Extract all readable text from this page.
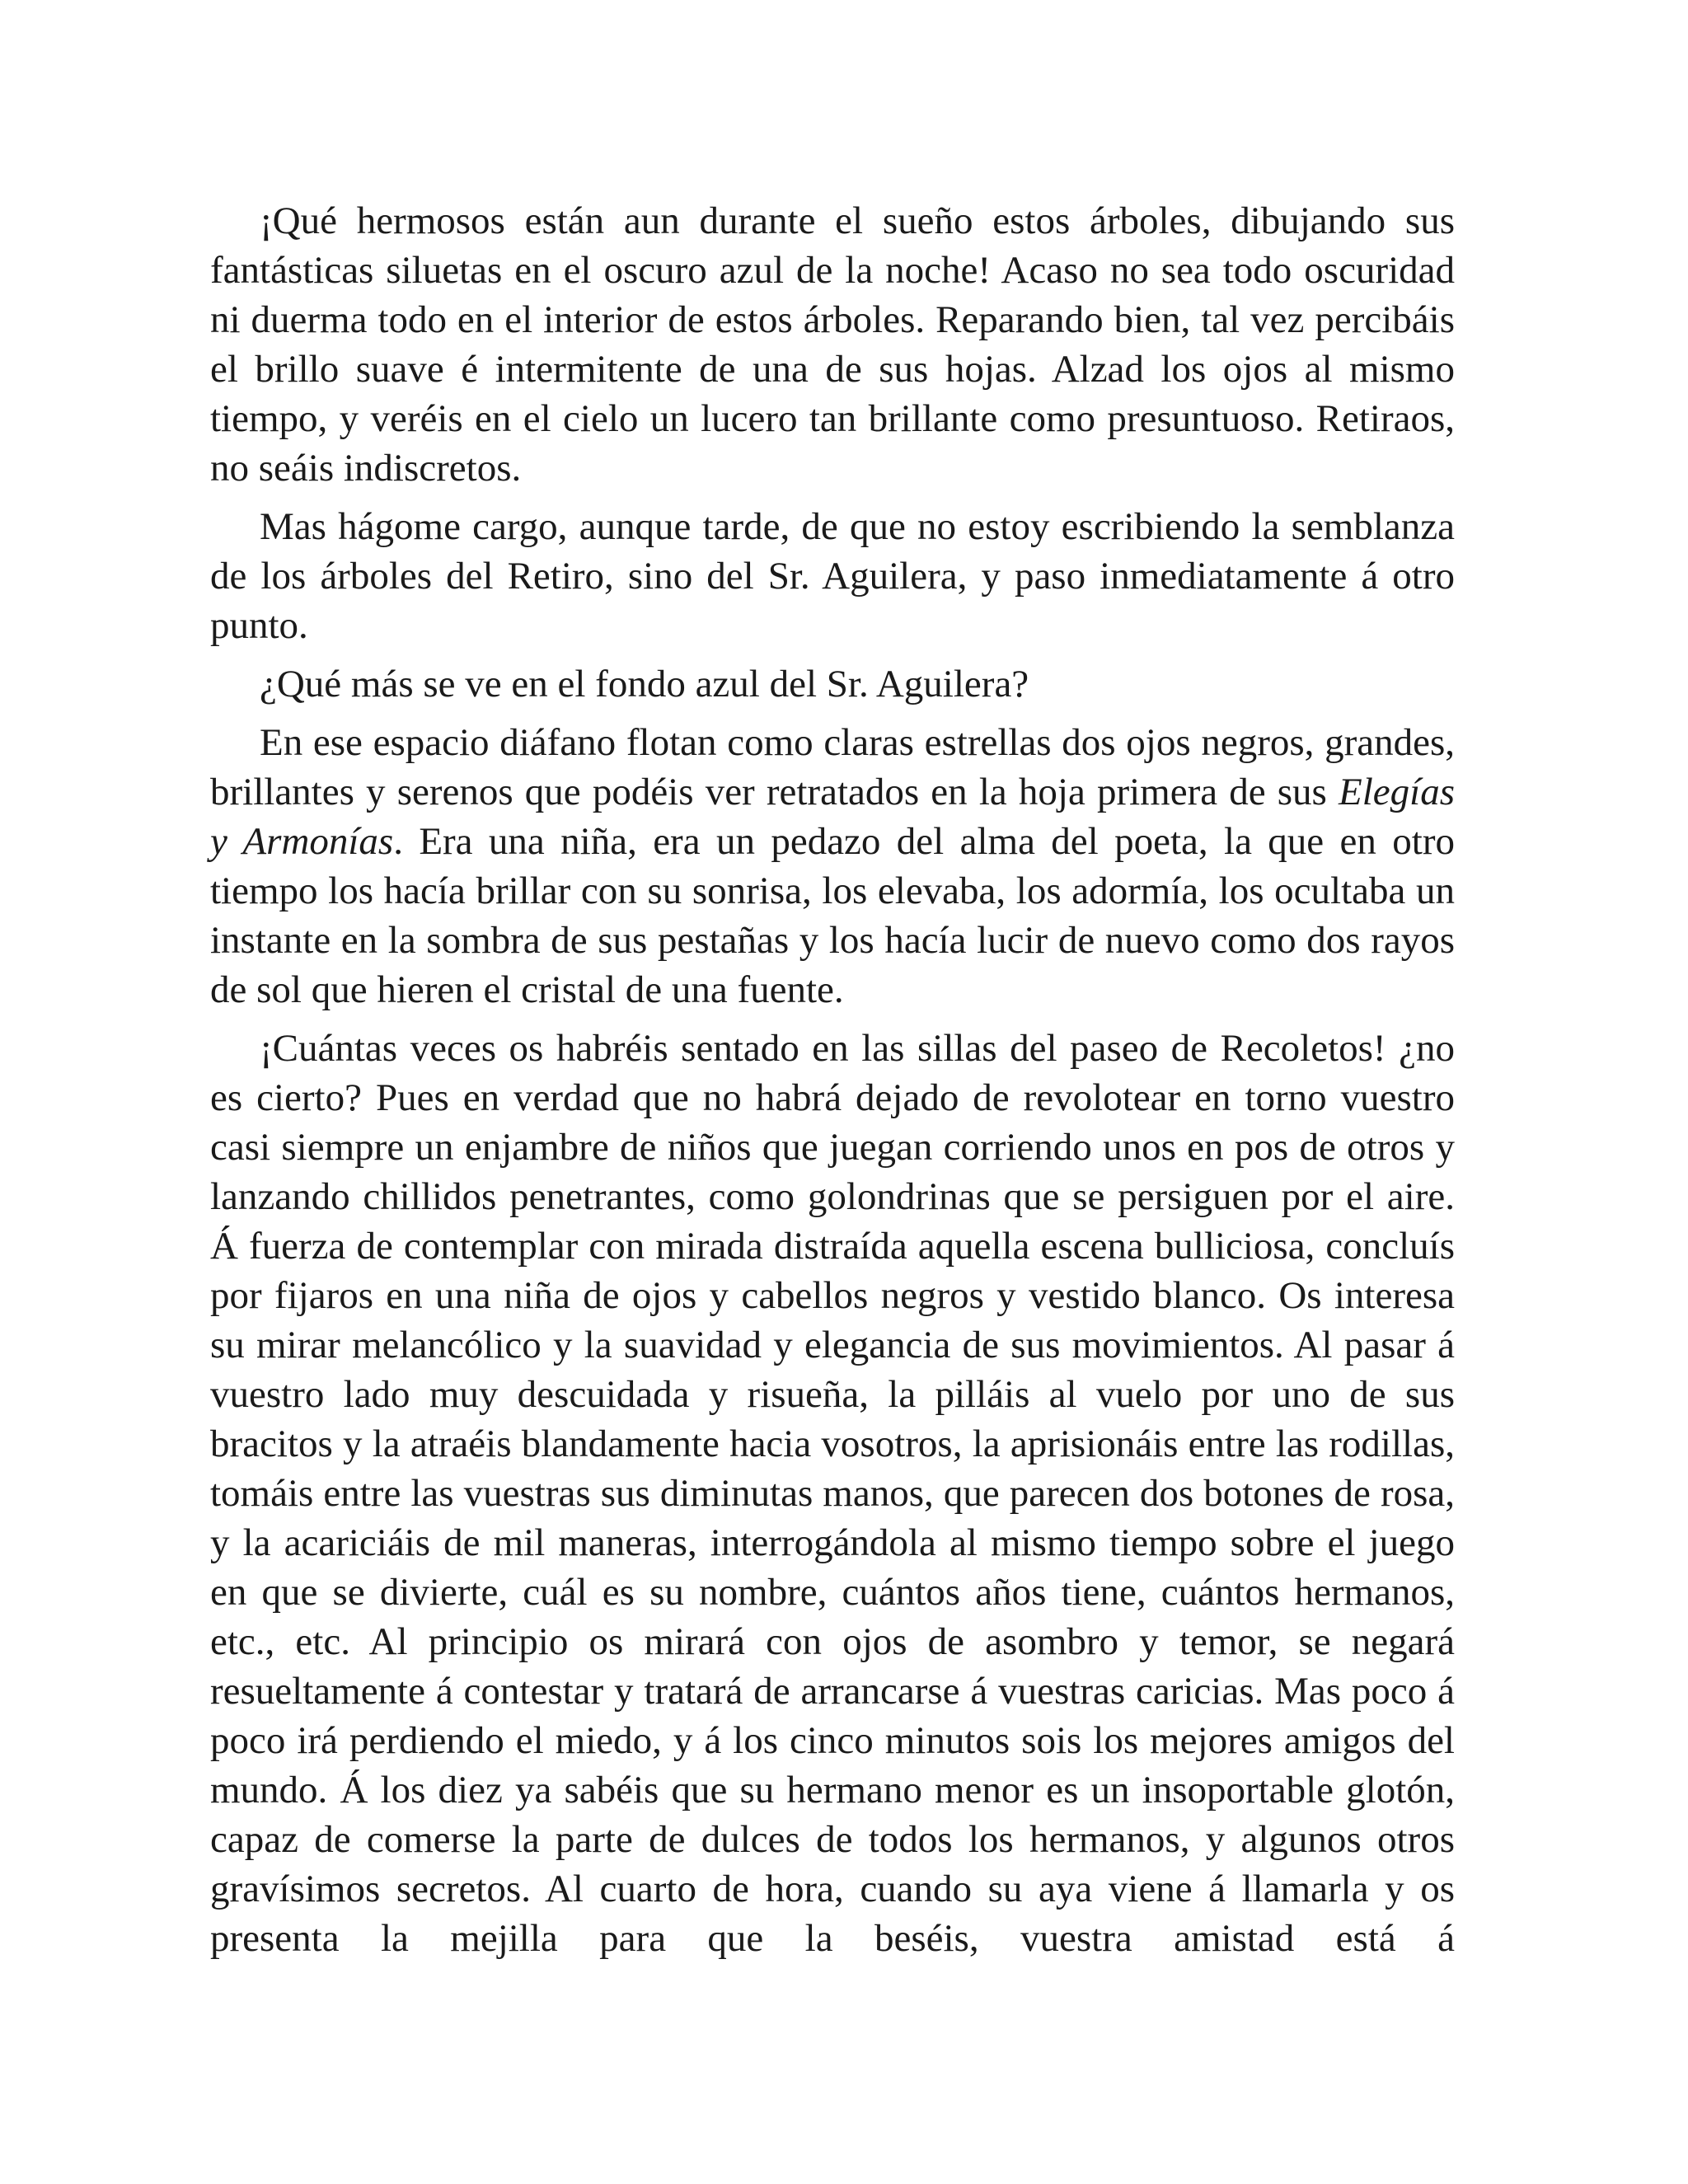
¡Qué hermosos están aun durante el sueño estos árboles, dibujando sus fantásticas siluetas en el oscuro azul de la noche! Acaso no sea todo oscuridad ni duerma todo en el interior de estos árboles. Reparando bien, tal vez percibáis el brillo suave é intermitente de una de sus hojas. Alzad los ojos al mismo tiempo, y veréis en el cielo un lucero tan brillante como presuntuoso. Retiraos, no seáis indiscretos.

Mas hágome cargo, aunque tarde, de que no estoy escribiendo la semblanza de los árboles del Retiro, sino del Sr. Aguilera, y paso inmediatamente á otro punto.

¿Qué más se ve en el fondo azul del Sr. Aguilera?

En ese espacio diáfano flotan como claras estrellas dos ojos negros, grandes, brillantes y serenos que podéis ver retratados en la hoja primera de sus Elegías y Armonías. Era una niña, era un pedazo del alma del poeta, la que en otro tiempo los hacía brillar con su sonrisa, los elevaba, los adormía, los ocultaba un instante en la sombra de sus pestañas y los hacía lucir de nuevo como dos rayos de sol que hieren el cristal de una fuente.

¡Cuántas veces os habréis sentado en las sillas del paseo de Recoletos! ¿no es cierto? Pues en verdad que no habrá dejado de revolotear en torno vuestro casi siempre un enjambre de niños que juegan corriendo unos en pos de otros y lanzando chillidos penetrantes, como golondrinas que se persiguen por el aire. Á fuerza de contemplar con mirada distraída aquella escena bulliciosa, concluís por fijaros en una niña de ojos y cabellos negros y vestido blanco. Os interesa su mirar melancólico y la suavidad y elegancia de sus movimientos. Al pasar á vuestro lado muy descuidada y risueña, la pilláis al vuelo por uno de sus bracitos y la atraéis blandamente hacia vosotros, la aprisionáis entre las rodillas, tomáis entre las vuestras sus diminutas manos, que parecen dos botones de rosa, y la acariciáis de mil maneras, interrogándola al mismo tiempo sobre el juego en que se divierte, cuál es su nombre, cuántos años tiene, cuántos hermanos, etc., etc. Al principio os mirará con ojos de asombro y temor, se negará resueltamente á contestar y tratará de arrancarse á vuestras caricias. Mas poco á poco irá perdiendo el miedo, y á los cinco minutos sois los mejores amigos del mundo. Á los diez ya sabéis que su hermano menor es un insoportable glotón, capaz de comerse la parte de dulces de todos los hermanos, y algunos otros gravísimos secretos. Al cuarto de hora, cuando su aya viene á llamarla y os presenta la mejilla para que la beséis, vuestra amistad está á
